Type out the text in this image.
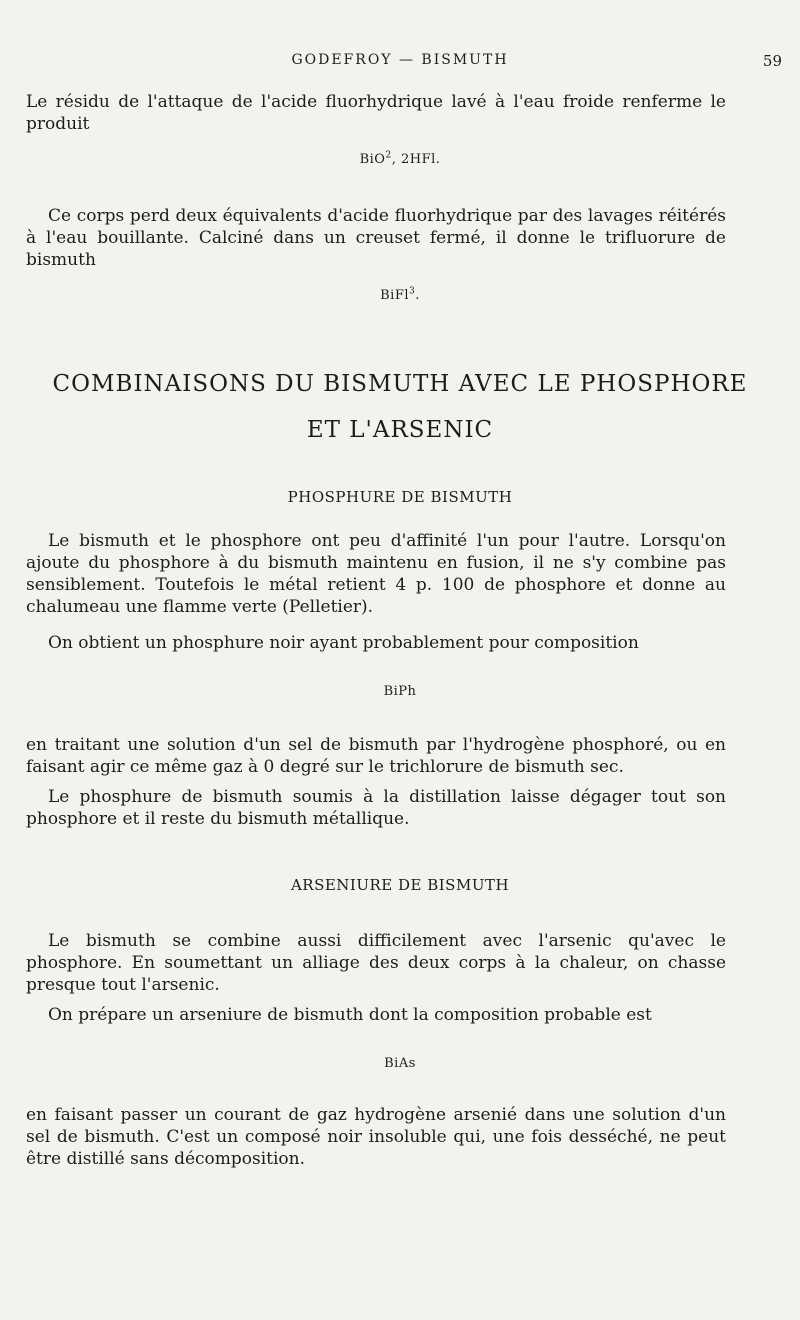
GODEFROY — BISMUTH	59
Le résidu de l'attaque de l'acide fluorhydrique lavé à l'eau froide renferme le produit
BiO$^2$, 2HFl.
Ce corps perd deux équivalents d'acide fluorhydrique par des lavages réitérés à l'eau bouillante. Calciné dans un creuset fermé, il donne le trifluorure de bismuth
BiFl$^3$.
COMBINAISONS DU BISMUTH AVEC LE PHOSPHORE
ET L'ARSENIC
PHOSPHURE DE BISMUTH
Le bismuth et le phosphore ont peu d'affinité l'un pour l'autre. Lorsqu'on ajoute du phosphore à du bismuth maintenu en fusion, il ne s'y combine pas sensiblement. Toutefois le métal retient 4 p. 100 de phosphore et donne au chalumeau une flamme verte (Pelletier).
On obtient un phosphure noir ayant probablement pour composition
BiPh
en traitant une solution d'un sel de bismuth par l'hydrogène phosphoré, ou en faisant agir ce même gaz à 0 degré sur le trichlorure de bismuth sec.
Le phosphure de bismuth soumis à la distillation laisse dégager tout son phosphore et il reste du bismuth métallique.
ARSENIURE DE BISMUTH
Le bismuth se combine aussi difficilement avec l'arsenic qu'avec le phosphore. En soumettant un alliage des deux corps à la chaleur, on chasse presque tout l'arsenic.
On prépare un arseniure de bismuth dont la composition probable est
BiAs
en faisant passer un courant de gaz hydrogène arsenié dans une solution d'un sel de bismuth. C'est un composé noir insoluble qui, une fois desséché, ne peut être distillé sans décomposition.
